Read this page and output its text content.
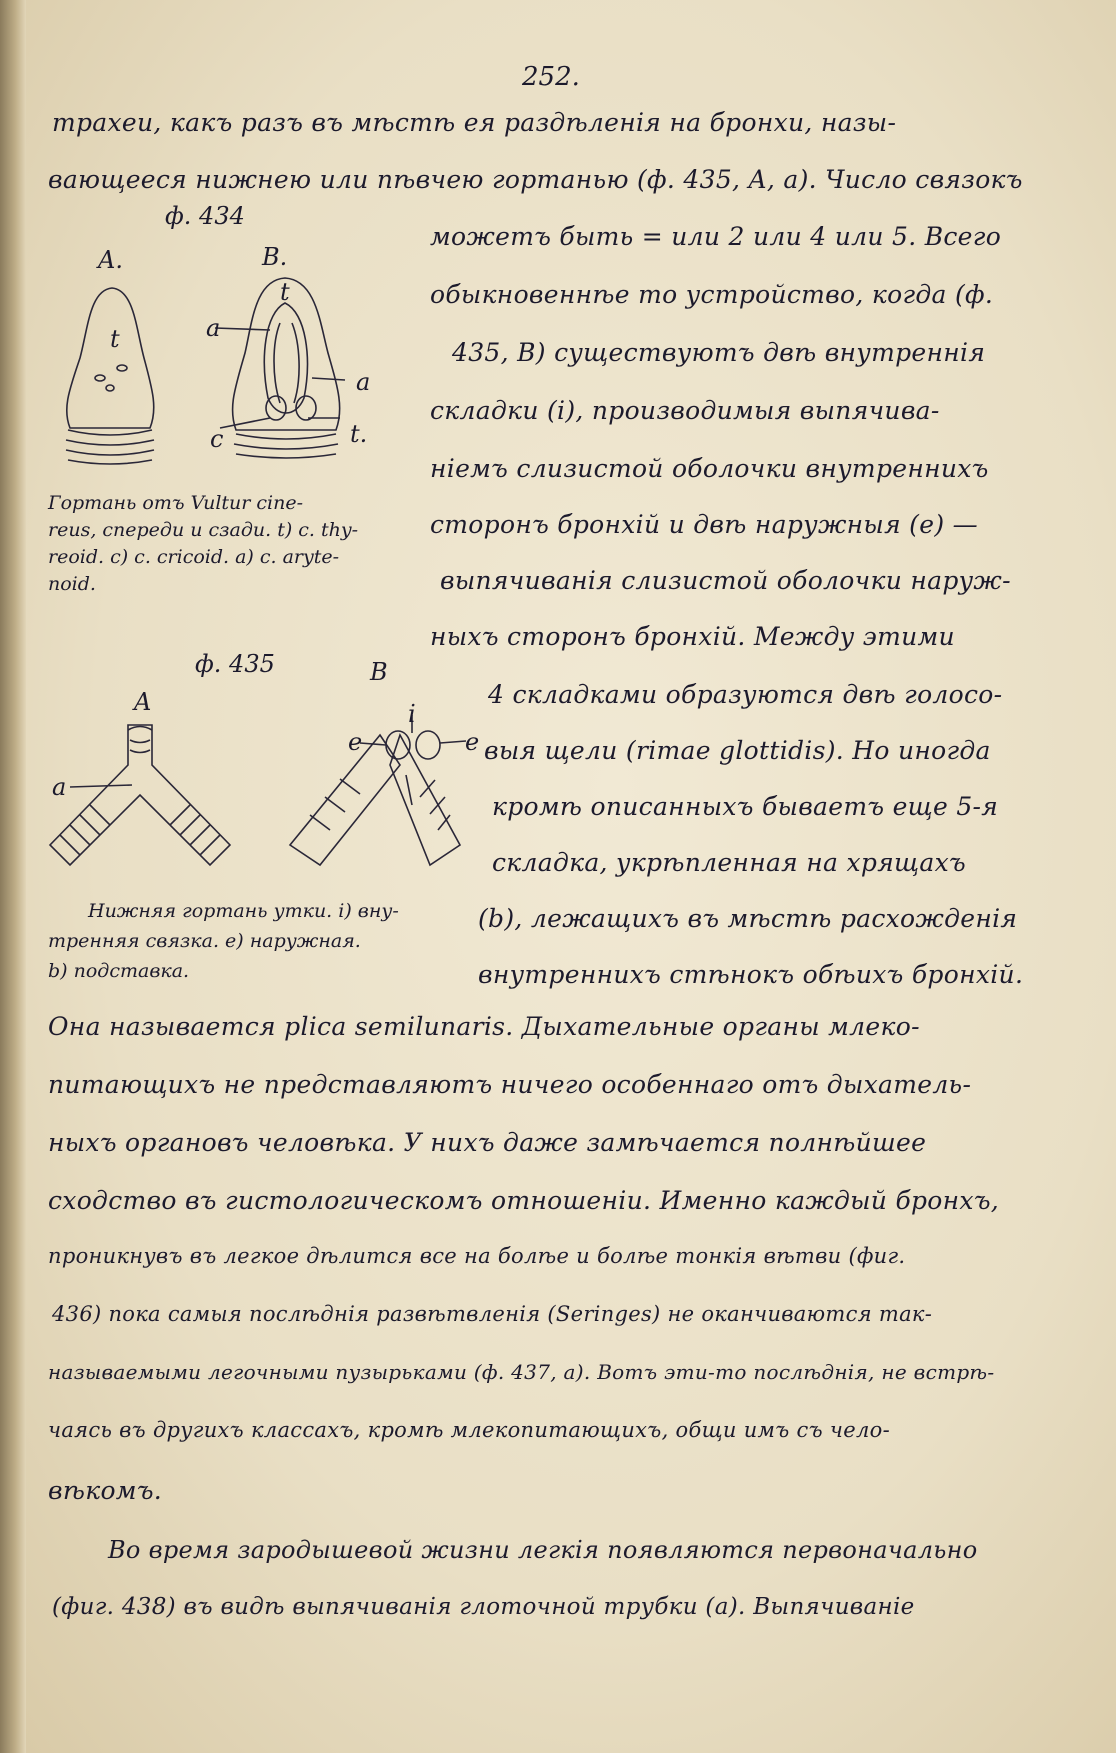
252.
трахеи, какъ разъ въ мѣстѣ ея раздѣленія на бронхи, назы-
вающееся нижнею или пѣвчею гортанью (ф. 435, A, a). Число связокъ
ф. 434
A.	B.
t
t
a
a
c	t.
Гортань отъ Vultur cine-
reus, спереди и сзади. t) c. thy-
reoid. c) c. cricoid. a) c. aryte-
noid.
можетъ быть = или 2 или 4 или 5. Всего
обыкновеннѣе то устройство, когда (ф.
435, B) существуютъ двѣ внутреннія
складки (i), производимыя выпячива-
ніемъ слизистой оболочки внутреннихъ
сторонъ бронхій и двѣ наружныя (e) —
выпячиванія слизистой оболочки наруж-
ныхъ сторонъ бронхій. Между этими
ф. 435
A
B
a
i
e	e
4 складками образуются двѣ голосо-
выя щели (rimae glottidis). Но иногда
кромѣ описанныхъ бываетъ еще 5-я
складка, укрѣпленная на хрящахъ
(b), лежащихъ въ мѣстѣ расхожденія
внутреннихъ стѣнокъ обѣихъ бронхій.
Нижняя гортань утки. i) вну-
тренняя связка. e) наружная.
b) подставка.
Она называется plica semilunaris. Дыхательные органы млеко-
питающихъ не представляютъ ничего особеннаго отъ дыхатель-
ныхъ органовъ человѣка. У нихъ даже замѣчается полнѣйшее
сходство въ гистологическомъ отношеніи. Именно каждый бронхъ,
проникнувъ въ легкое дѣлится все на болѣе и болѣе тонкія вѣтви (фиг.
436) пока самыя послѣднія развѣтвленія (Seringes) не оканчиваются так-
называемыми легочными пузырьками (ф. 437, a). Вотъ эти-то послѣднія, не встрѣ-
чаясь въ другихъ классахъ, кромѣ млекопитающихъ, общи имъ съ чело-
вѣкомъ.
Во время зародышевой жизни легкія появляются первоначально
(фиг. 438) въ видѣ выпячиванія глоточной трубки (a). Выпячиваніе
